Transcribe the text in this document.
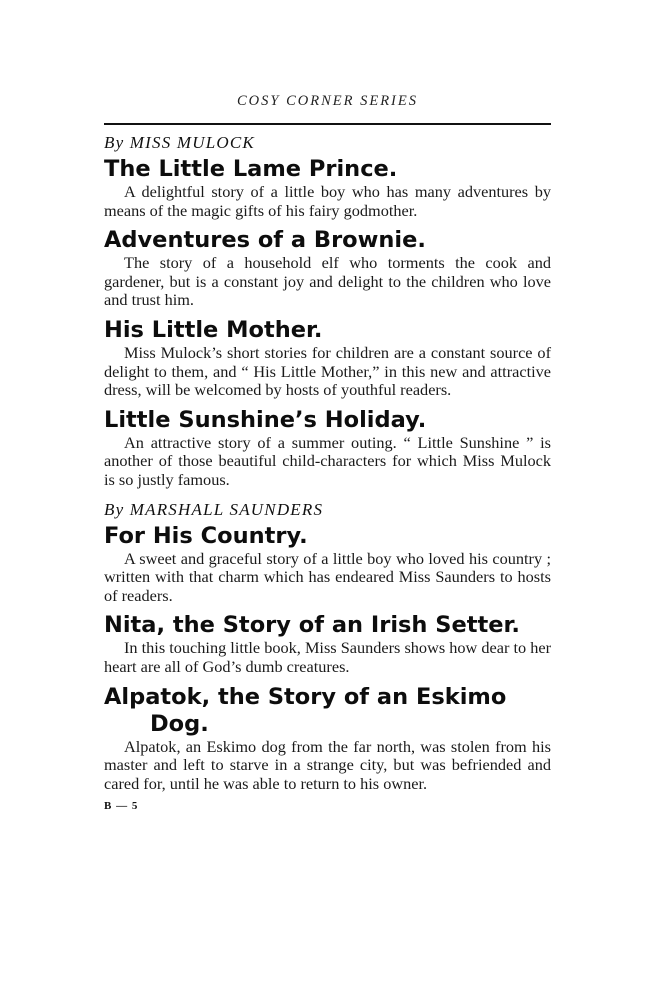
COSY CORNER SERIES

By MISS MULOCK

The Little Lame Prince.

A delightful story of a little boy who has many adventures by means of the magic gifts of his fairy godmother.

Adventures of a Brownie.

The story of a household elf who torments the cook and gardener, but is a constant joy and delight to the children who love and trust him.

His Little Mother.

Miss Mulock’s short stories for children are a constant source of delight to them, and “ His Little Mother,” in this new and attractive dress, will be welcomed by hosts of youthful readers.

Little Sunshine’s Holiday.

An attractive story of a summer outing. “ Little Sunshine ” is another of those beautiful child-characters for which Miss Mulock is so justly famous.

By MARSHALL SAUNDERS

For His Country.

A sweet and graceful story of a little boy who loved his country ; written with that charm which has endeared Miss Saunders to hosts of readers.

Nita, the Story of an Irish Setter.

In this touching little book, Miss Saunders shows how dear to her heart are all of God’s dumb creatures.

Alpatok, the Story of an Eskimo
Dog.

Alpatok, an Eskimo dog from the far north, was stolen from his master and left to starve in a strange city, but was befriended and cared for, until he was able to return to his owner.

B — 5
